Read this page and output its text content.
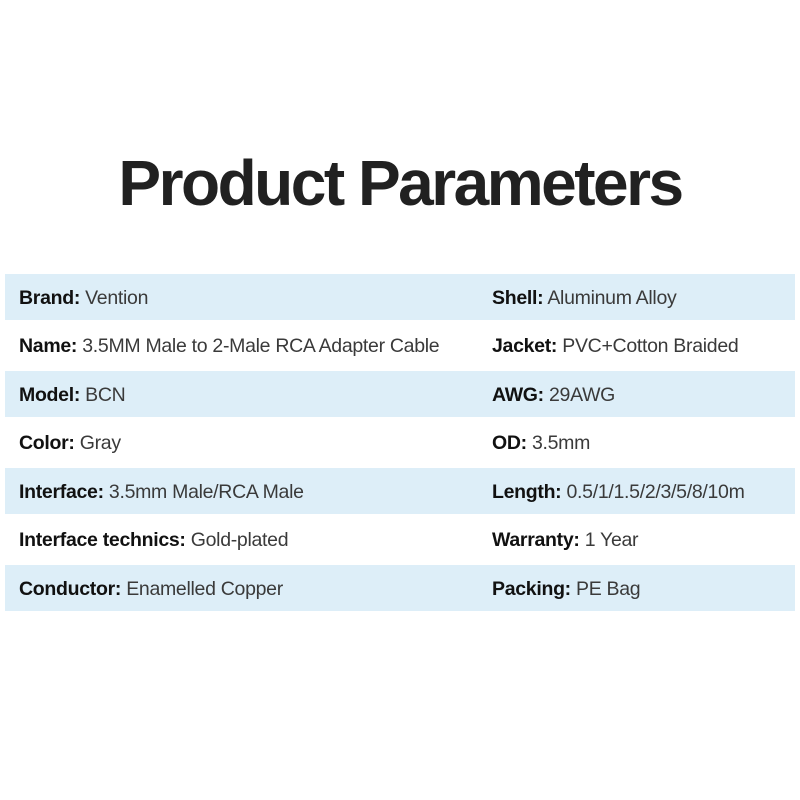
Product Parameters
Brand: Vention	Shell: Aluminum Alloy
Name: 3.5MM Male to 2-Male RCA Adapter Cable	Jacket: PVC+Cotton Braided
Model: BCN	AWG: 29AWG
Color: Gray	OD: 3.5mm
Interface: 3.5mm Male/RCA Male	Length: 0.5/1/1.5/2/3/5/8/10m
Interface technics: Gold-plated	Warranty: 1 Year
Conductor: Enamelled Copper	Packing: PE Bag
